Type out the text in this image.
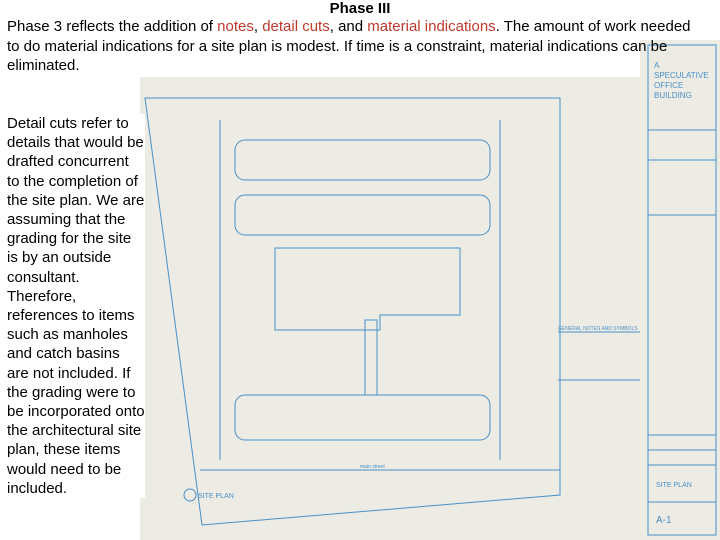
Phase III
Phase 3 reflects the addition of notes, detail cuts, and material indications. The amount of work needed to do material indications for a site plan is modest. If time is a constraint, material indications can be eliminated.	A
SPECULATIVE
OFFICE
BUILDING
SITE PLAN
A-1
SITE PLAN
GENERAL NOTES AND SYMBOLS
main street
Detail cuts refer to details that would be drafted concurrent to the completion of the site plan. We are assuming that the grading for the site is by an outside consultant. Therefore, references to items such as manholes and catch basins are not included. If the grading were to be incorporated onto the architectural site plan, these items would need to be included.
